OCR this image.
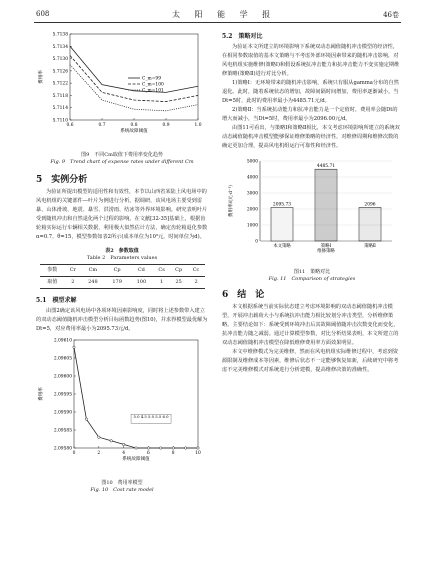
608	太 阳 能 学 报	46卷
5.7138
5.7134
5.7130
5.7126
5.7122
5.7118
5.7114
5.7110
0.6	0.7	0.8	0.9	1.0
系统故障阈值
费用率	C_m=99
C_m=100
C_m=101
图9　不同Cm取值下费用率变化趋势
Fig. 9　Trend chart of expense rates under different Cm
5　实例分析

为验证所提出模型的适用性和有效性，本节以山西省某陆上风电场中的风电机组的关键部件—叶片为例进行分析。据调研，该风电场主要受到雷暴、山体滑坡、地震、暴雪、洪涝雨、结冰等外界环境影响。研究表明叶片受到随机冲击和自然退化两个过程的影响。在文献[32-35]基础上，根据齿轮箱实际运行车辆相关数据，利用极大似然估计方法，确定齿轮箱退化参数α=0.7，θ=15，模型参数如表2所示(成本单位为10³元，时间单位为d)。

表2　参数取值
Table 2　Parameters values
参数	Cr	Cm	Cp	Cd	Cs	Cp	Cc
取值	2	248	179	100	1	25	2
5.1　模型求解

由图2确定该风电场中各项环境因素影响度，同时将上述参数带入建立的双动态阈值随机冲击模型分析目标函数趋势(图10)，并求得模型最优解为Dt=5，对应费用率最小为2095.73元/d。

2.09610
2.09605
2.09600
2.09595
2.09590
2.09585
2.09580
0	2	4	6	8	10
系统故障阈值
费用率
5.0 4.5 5.0 5.5 6.0
图10　费用率模型
Fig. 10　Cost rate model
5.2　策略对比

为验证本文所建立的环境影响下系统双动态阈值随机冲击模型的经济性，在相同参数取值的基本文策略与不考虑外部环境因素带来的随机冲击影响，对风电机组实施维修(策略Ⅰ)和假设系统抗冲击能力和抗冲击能力不变实施定期维修策略(策略Ⅱ)进行对比分析。

1)策略Ⅰ：无环境带来的随机冲击影响，系统只有服从gamma分布的自然退化。此时，随着系统状态的增加，故障间隔时间增加，费用率逐渐减小。当Dt=5时，此时的费用率最小为4485.71元/d。

2)策略Ⅱ：当系统抗动能力和抗冲击能力是一个定值时，费用率会随Dt的增大而减小，当Dt=5时，费用率最小为2096.00元/d。

由图11可看出，与策略Ⅰ和策略Ⅱ相比，本文考虑环境影响所建立的系统双动态阈值随机冲击模型能够保证维修策略的经济性，对维修周期和维修次数的确定更加合理，提高风电机组运行可靠性和经济性。

5000
4000
3000
2000
1000
0
费用率/(元·d⁻¹)	2095.73
本文策略
4485.71
策略Ⅰ
维修策略
2096
策略Ⅱ
图11　策略对比
Fig. 11　Comparison of strategies
6　结　论

本文根据系统当前实际状态建立考虑环境影响的双动态阈值随机冲击模型，开展冲击载荷大小与系统抗冲击能力相比较划分冲击类型，分析维修策略。主要结论如下：系统受到环境冲击后其故障阈值随冲击次数变化而变化，抗冲击能力随之减弱。通过计算模型参数，对比分析结果表明，本文所建立的双动态阈值随机冲击模型在降低维修费用率方面效果明显。

本文中维修模式为完美维修，然而在风电机组实际维修过程中，考虑到资源限制及维修成本等因素，维修后状态不一定能够恢复如新，后续研究中将考虑不完美维修模式对系统进行分析建模，提高维修决策的准确性。
